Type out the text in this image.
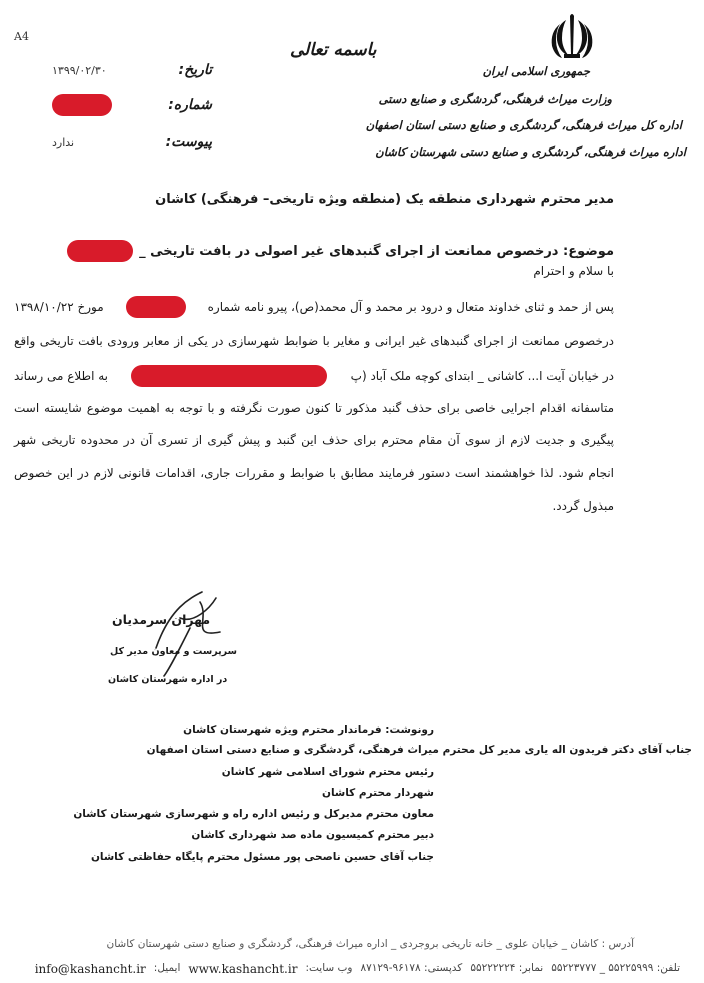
A4
باسمه تعالی
تاریخ:
۱۳۹۹/۰۲/۳۰
شماره:
پیوست:
ندارد
جمهوری اسلامی ایران
وزارت میراث فرهنگی، گردشگری و صنایع دستی
اداره کل میراث فرهنگی، گردشگری و صنایع دستی استان اصفهان
اداره میراث فرهنگی، گردشگری و صنایع دستی شهرستان کاشان
مدیر محترم شهرداری منطقه یک (منطقه ویژه تاریخی– فرهنگی) کاشان
موضوع: درخصوص ممانعت از اجرای گنبدهای غیر اصولی در بافت تاریخی _
با سلام و احترام
پس از حمد و ثنای خداوند متعال و درود بر محمد و آل محمد(ص)، پیرو نامه شماره
مورخ ۱۳۹۸/۱۰/۲۲
درخصوص ممانعت از اجرای گنبدهای غیر ایرانی و مغایر با ضوابط شهرسازی در یکی از معابر ورودی بافت تاریخی واقع
در خیابان آیت ا... کاشانی _ ابتدای کوچه ملک آباد (پ
به اطلاع می رساند
متاسفانه اقدام اجرایی خاصی برای حذف گنبد مذکور تا کنون صورت نگرفته و با توجه به اهمیت موضوع شایسته است
پیگیری و جدیت لازم از سوی آن مقام محترم برای حذف این گنبد و پیش گیری از تسری آن در محدوده تاریخی شهر
انجام شود. لذا خواهشمند است دستور فرمایند مطابق با ضوابط و مقررات جاری، اقدامات قانونی لازم در این خصوص
مبذول گردد.
مهران سرمدیان
سرپرست و معاون مدیر کل
در اداره شهرستان کاشان
رونوشت: فرماندار محترم ویژه شهرستان کاشان
جناب آقای دکتر فریدون اله یاری مدیر کل محترم میراث فرهنگی، گردشگری و صنایع دستی استان اصفهان
رئیس محترم شورای اسلامی شهر کاشان
شهردار محترم کاشان
معاون محترم مدیرکل و رئیس اداره راه و شهرسازی شهرستان کاشان
دبیر محترم کمیسیون ماده صد شهرداری کاشان
جناب آقای حسین ناصحی پور مسئول محترم پایگاه حفاظتی کاشان
آدرس : کاشان _ خیابان علوی _ خانه تاریخی بروجردی _ اداره میراث فرهنگی، گردشگری و صنایع دستی شهرستان کاشان
تلفن: ۵۵۲۲۵۹۹۹ _ ۵۵۲۲۳۷۷۷
نمابر: ۵۵۲۲۲۲۲۴
کدپستی: ۹۶۱۷۸-۸۷۱۲۹
وب سایت:
www.kashancht.ir
ایمیل:
info@kashancht.ir
